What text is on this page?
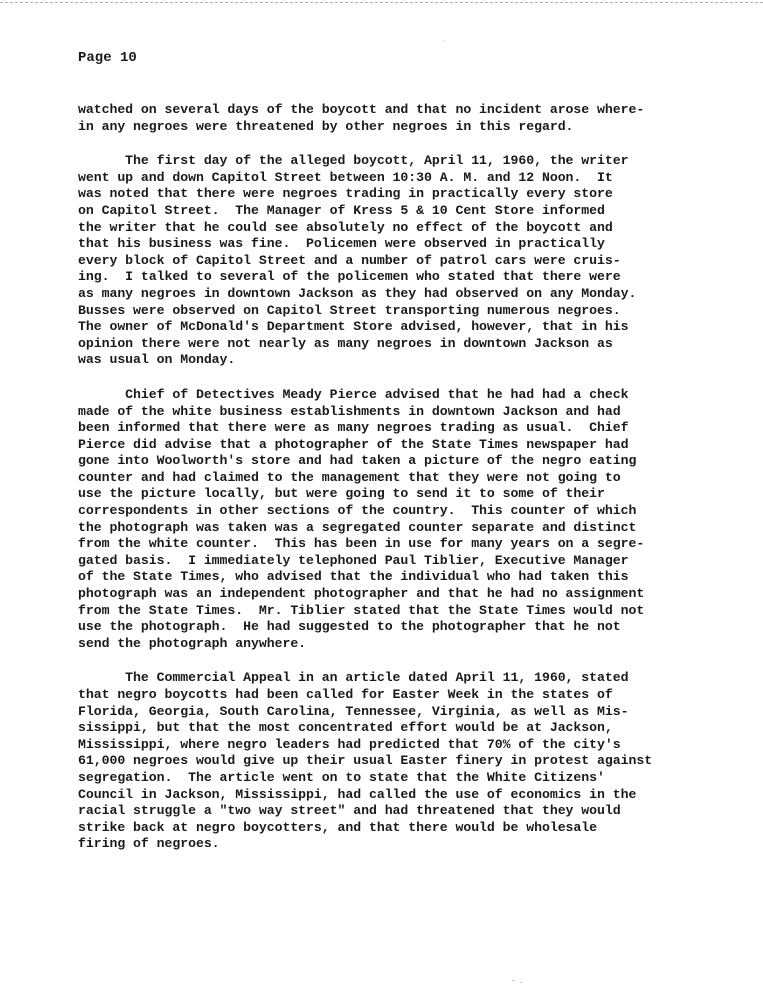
Page 10
watched on several days of the boycott and that no incident arose where-
in any negroes were threatened by other negroes in this regard.
The first day of the alleged boycott, April 11, 1960, the writer
went up and down Capitol Street between 10:30 A. M. and 12 Noon.  It
was noted that there were negroes trading in practically every store
on Capitol Street.  The Manager of Kress 5 & 10 Cent Store informed
the writer that he could see absolutely no effect of the boycott and
that his business was fine.  Policemen were observed in practically
every block of Capitol Street and a number of patrol cars were cruis-
ing.  I talked to several of the policemen who stated that there were
as many negroes in downtown Jackson as they had observed on any Monday.
Busses were observed on Capitol Street transporting numerous negroes.
The owner of McDonald's Department Store advised, however, that in his
opinion there were not nearly as many negroes in downtown Jackson as
was usual on Monday.
Chief of Detectives Meady Pierce advised that he had had a check
made of the white business establishments in downtown Jackson and had
been informed that there were as many negroes trading as usual.  Chief
Pierce did advise that a photographer of the State Times newspaper had
gone into Woolworth's store and had taken a picture of the negro eating
counter and had claimed to the management that they were not going to
use the picture locally, but were going to send it to some of their
correspondents in other sections of the country.  This counter of which
the photograph was taken was a segregated counter separate and distinct
from the white counter.  This has been in use for many years on a segre-
gated basis.  I immediately telephoned Paul Tiblier, Executive Manager
of the State Times, who advised that the individual who had taken this
photograph was an independent photographer and that he had no assignment
from the State Times.  Mr. Tiblier stated that the State Times would not
use the photograph.  He had suggested to the photographer that he not
send the photograph anywhere.
The Commercial Appeal in an article dated April 11, 1960, stated
that negro boycotts had been called for Easter Week in the states of
Florida, Georgia, South Carolina, Tennessee, Virginia, as well as Mis-
sissippi, but that the most concentrated effort would be at Jackson,
Mississippi, where negro leaders had predicted that 70% of the city's
61,000 negroes would give up their usual Easter finery in protest against
segregation.  The article went on to state that the White Citizens'
Council in Jackson, Mississippi, had called the use of economics in the
racial struggle a "two way street" and had threatened that they would
strike back at negro boycotters, and that there would be wholesale
firing of negroes.
